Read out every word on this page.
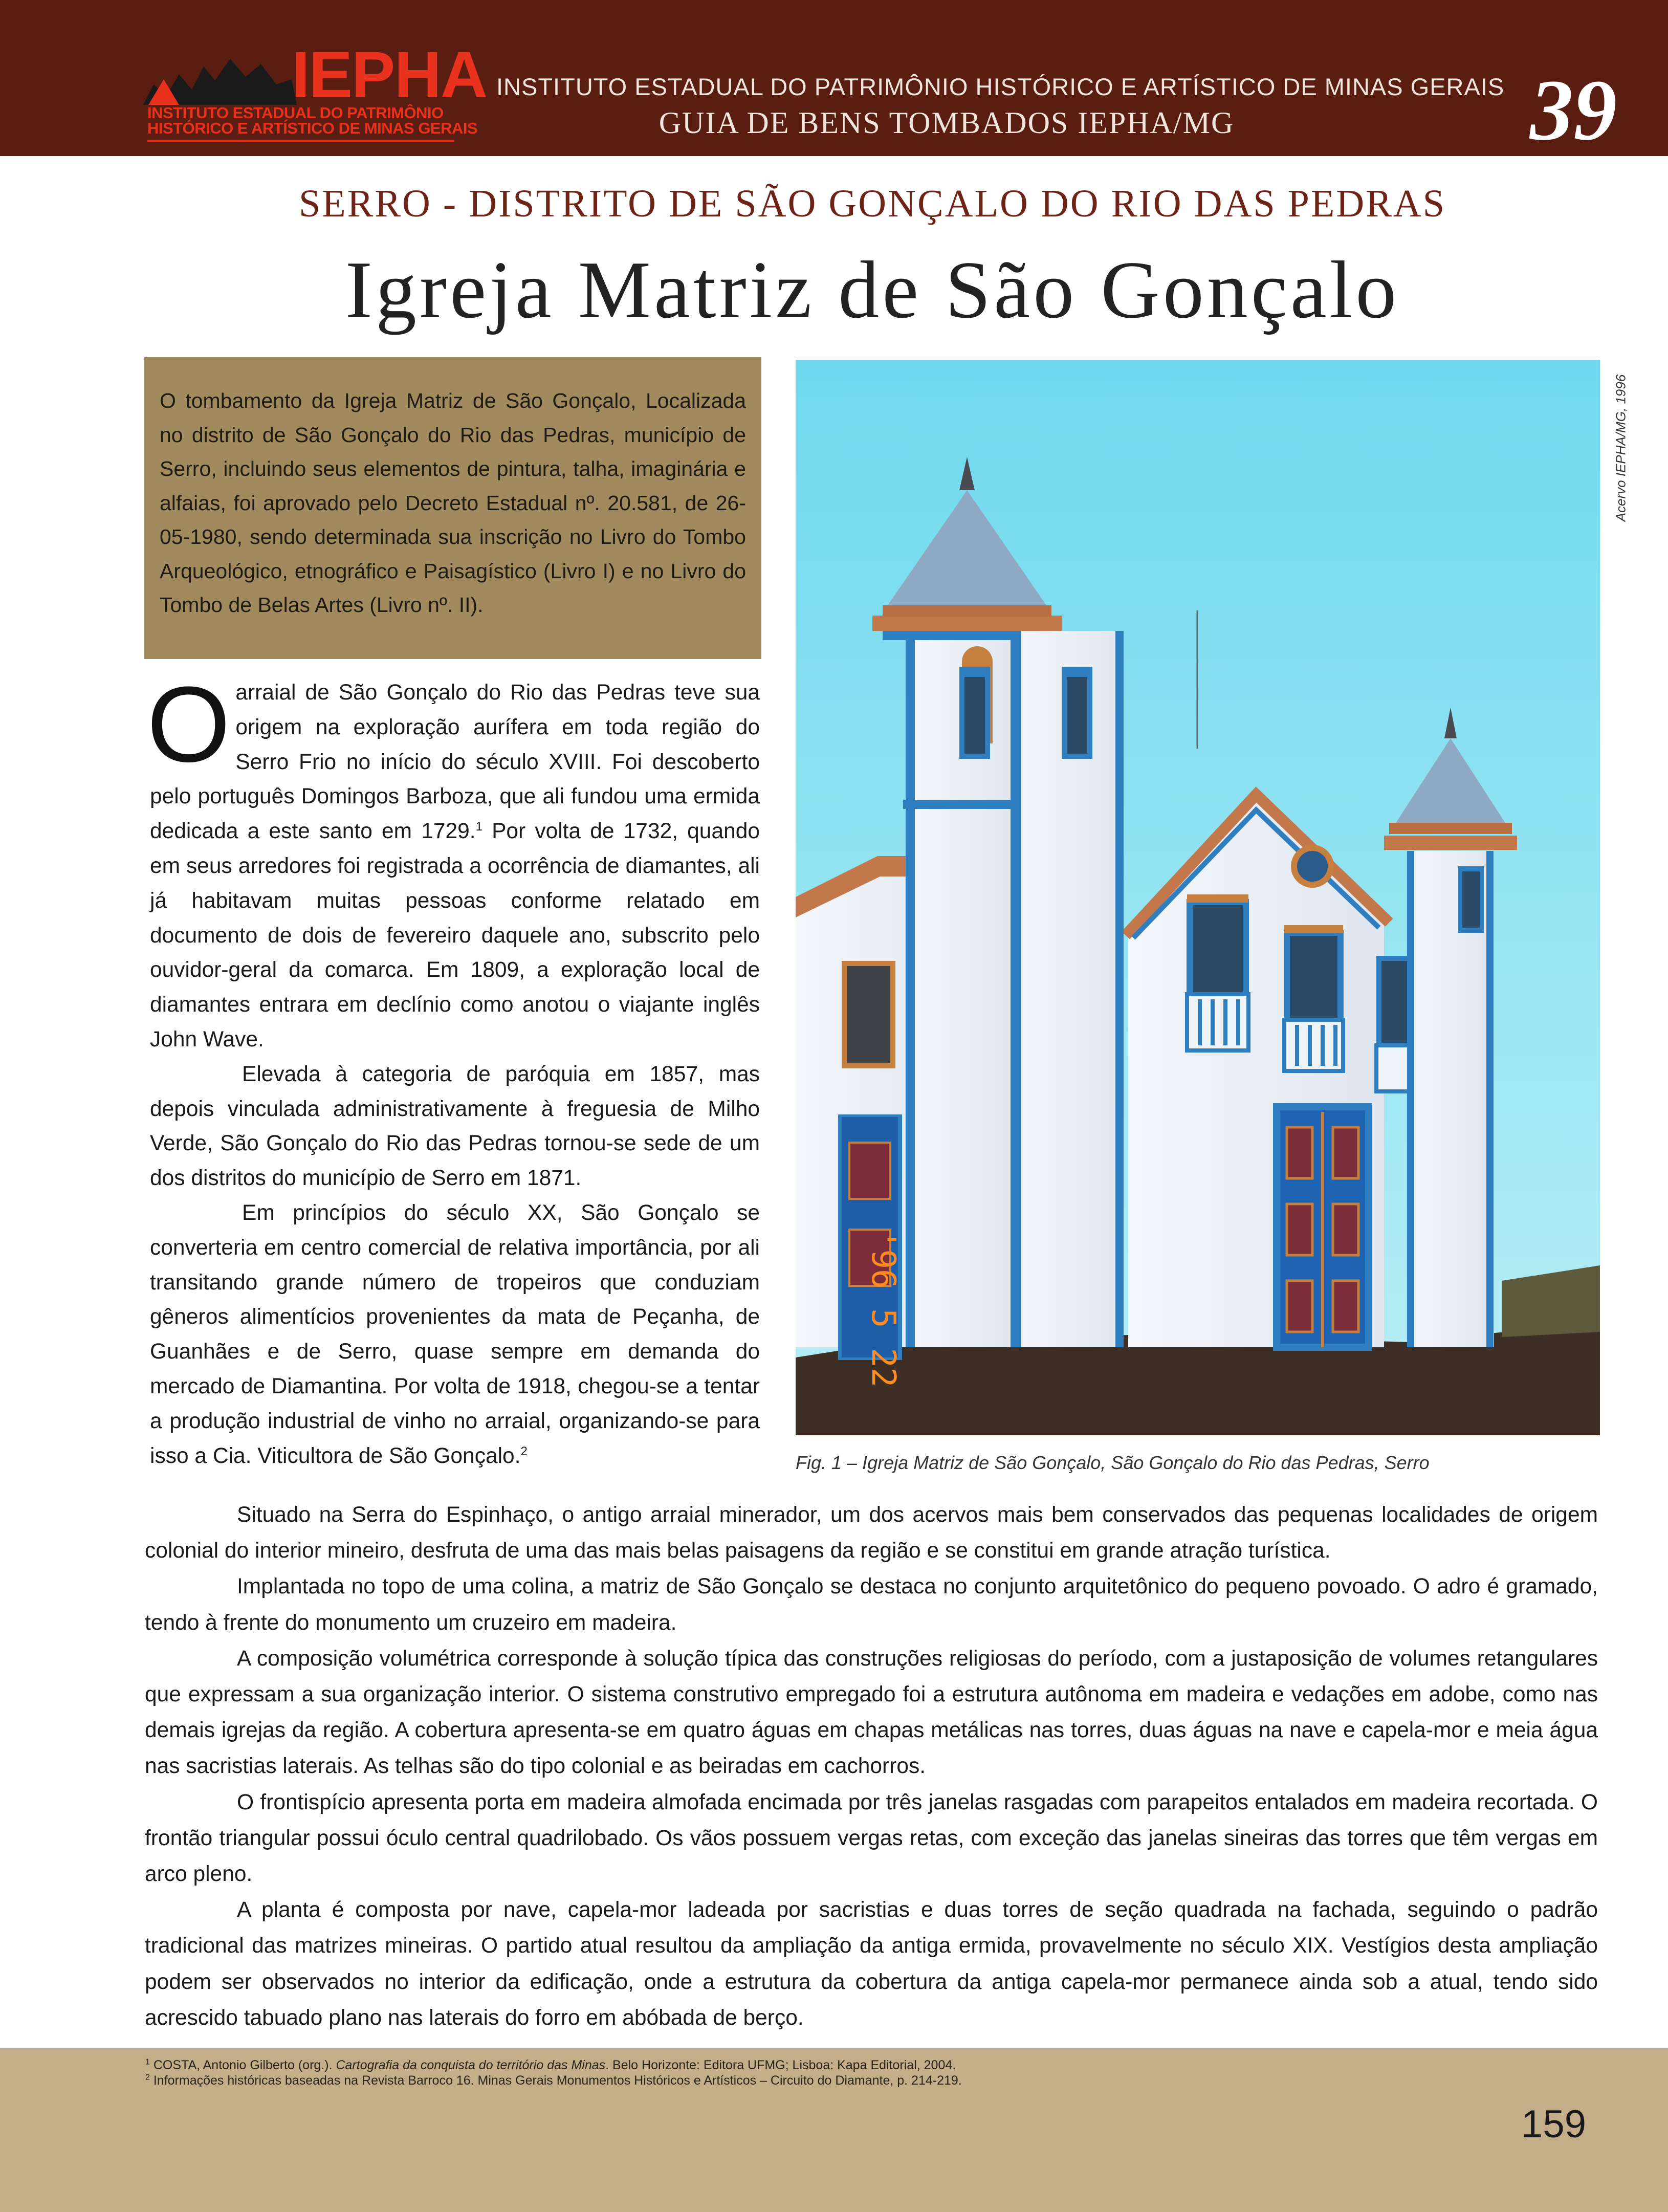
IEPHA
INSTITUTO ESTADUAL DO PATRIMÔNIO
HISTÓRICO E ARTÍSTICO DE MINAS GERAIS
INSTITUTO ESTADUAL DO PATRIMÔNIO HISTÓRICO E ARTÍSTICO DE MINAS GERAIS
GUIA DE BENS TOMBADOS IEPHA/MG	39
SERRO - DISTRITO DE SÃO GONÇALO DO RIO DAS PEDRAS
Igreja Matriz de São Gonçalo
O tombamento da Igreja Matriz de São Gonçalo, Localizada no distrito de São Gonçalo do Rio das Pedras, município de Serro, incluindo seus elementos de pintura, talha, imaginária e alfaias, foi aprovado pelo Decreto Estadual nº. 20.581, de 26-05-1980, sendo determinada sua inscrição no Livro do Tombo Arqueológico, etnográfico e Paisagístico (Livro I) e no Livro do Tombo de Belas Artes (Livro nº. II).

Oarraial de São Gonçalo do Rio das Pedras teve sua origem na exploração aurífera em toda região do Serro Frio no início do século XVIII. Foi descoberto pelo português Domingos Barboza, que ali fundou uma ermida dedicada a este santo em 1729.$^1$ Por volta de 1732, quando em seus arredores foi registrada a ocorrência de diamantes, ali já habitavam muitas pessoas conforme relatado em documento de dois de fevereiro daquele ano, subscrito pelo ouvidor-geral da comarca. Em 1809, a exploração local de diamantes entrara em declínio como anotou o viajante inglês John Wave.

Elevada à categoria de paróquia em 1857, mas depois vinculada administrativamente à freguesia de Milho Verde, São Gonçalo do Rio das Pedras tornou-se sede de um dos distritos do município de Serro em 1871.

Em princípios do século XX, São Gonçalo se converteria em centro comercial de relativa importância, por ali transitando grande número de tropeiros que conduziam gêneros alimentícios provenientes da mata de Peçanha, de Guanhães e de Serro, quase sempre em demanda do mercado de Diamantina. Por volta de 1918, chegou-se a tentar a produção industrial de vinho no arraial, organizando-se para isso a Cia. Viticultora de São Gonçalo.$^2$

'96 5 22
Acervo IEPHA/MG, 1996
Fig. 1 – Igreja Matriz de São Gonçalo, São Gonçalo do Rio das Pedras, Serro

Situado na Serra do Espinhaço, o antigo arraial minerador, um dos acervos mais bem conservados das pequenas localidades de origem colonial do interior mineiro, desfruta de uma das mais belas paisagens da região e se constitui em grande atração turística.

Implantada no topo de uma colina, a matriz de São Gonçalo se destaca no conjunto arquitetônico do pequeno povoado. O adro é gramado, tendo à frente do monumento um cruzeiro em madeira.

A composição volumétrica corresponde à solução típica das construções religiosas do período, com a justaposição de volumes retangulares que expressam a sua organização interior. O sistema construtivo empregado foi a estrutura autônoma em madeira e vedações em adobe, como nas demais igrejas da região. A cobertura apresenta-se em quatro águas em chapas metálicas nas torres, duas águas na nave e capela-mor e meia água nas sacristias laterais. As telhas são do tipo colonial e as beiradas em cachorros.

O frontispício apresenta porta em madeira almofada encimada por três janelas rasgadas com parapeitos entalados em madeira recortada. O frontão triangular possui óculo central quadrilobado. Os vãos possuem vergas retas, com exceção das janelas sineiras das torres que têm vergas em arco pleno.

A planta é composta por nave, capela-mor ladeada por sacristias e duas torres de seção quadrada na fachada, seguindo o padrão tradicional das matrizes mineiras. O partido atual resultou da ampliação da antiga ermida, provavelmente no século XIX. Vestígios desta ampliação podem ser observados no interior da edificação, onde a estrutura da cobertura da antiga capela-mor permanece ainda sob a atual, tendo sido acrescido tabuado plano nas laterais do forro em abóbada de berço.

$^1$ COSTA, Antonio Gilberto (org.). Cartografia da conquista do território das Minas. Belo Horizonte: Editora UFMG; Lisboa: Kapa Editorial, 2004.
$^2$ Informações históricas baseadas na Revista Barroco 16. Minas Gerais Monumentos Históricos e Artísticos – Circuito do Diamante, p. 214-219.
159
